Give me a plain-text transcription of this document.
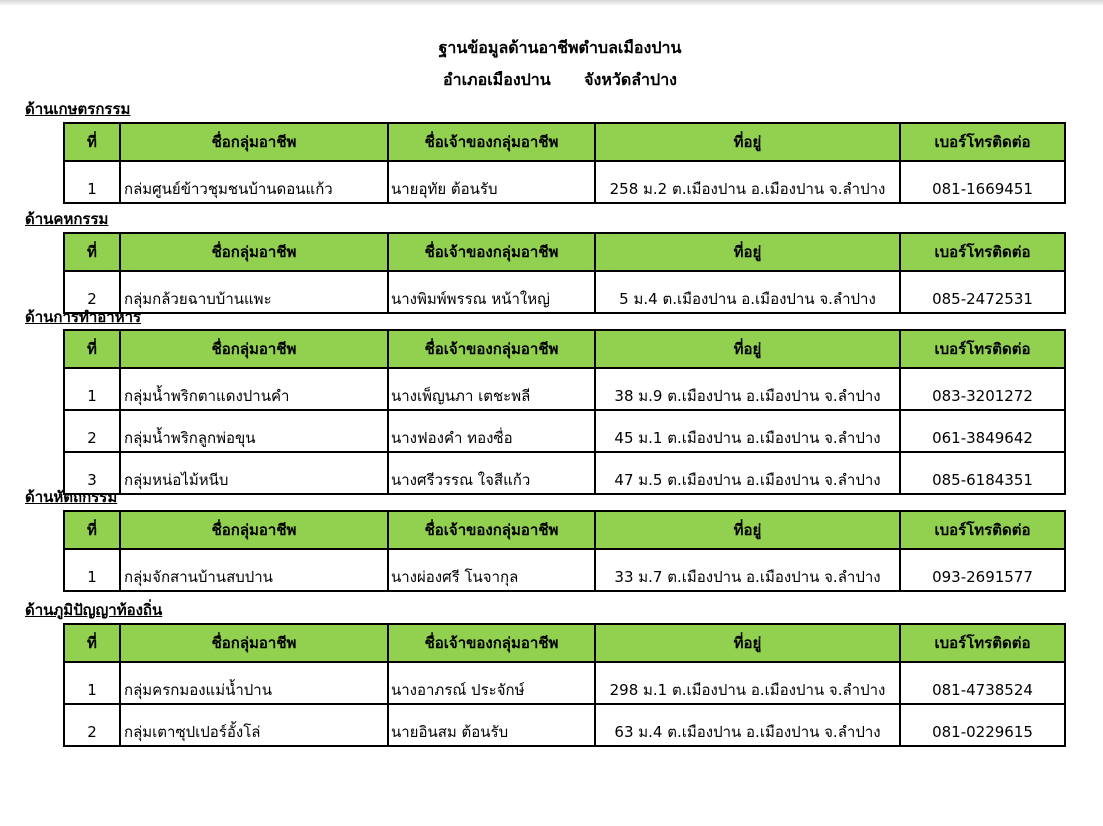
ฐานข้อมูลด้านอาชีพตำบลเมืองปาน
อำเภอเมืองปาน      จังหวัดลำปาง
ด้านเกษตรกรรม
ที่	ชื่อกลุ่มอาชีพ	ชื่อเจ้าของกลุ่มอาชีพ	ที่อยู่	เบอร์โทรติดต่อ
1	กล่มศูนย์ข้าวชุมชนบ้านดอนแก้ว	นายอุทัย ต้อนรับ	258 ม.2 ต.เมืองปาน อ.เมืองปาน จ.ลำปาง	081-1669451
ด้านคหกรรม
ที่	ชื่อกลุ่มอาชีพ	ชื่อเจ้าของกลุ่มอาชีพ	ที่อยู่	เบอร์โทรติดต่อ
2	กลุ่มกล้วยฉาบบ้านแพะ	นางพิมพ์พรรณ หน้าใหญ่	5 ม.4 ต.เมืองปาน อ.เมืองปาน จ.ลำปาง	085-2472531
ด้านการทำอาหาร
ที่	ชื่อกลุ่มอาชีพ	ชื่อเจ้าของกลุ่มอาชีพ	ที่อยู่	เบอร์โทรติดต่อ
1	กลุ่มน้ำพริกตาแดงปานคำ	นางเพ็ญนภา เตชะพลี	38 ม.9 ต.เมืองปาน อ.เมืองปาน จ.ลำปาง	083-3201272
2	กลุ่มน้ำพริกลูกพ่อขุน	นางฟองคำ ทองซื่อ	45 ม.1 ต.เมืองปาน อ.เมืองปาน จ.ลำปาง	061-3849642
3	กลุ่มหน่อไม้หนีบ	นางศรีวรรณ ใจสีแก้ว	47 ม.5 ต.เมืองปาน อ.เมืองปาน จ.ลำปาง	085-6184351
ด้านหัตถกรรม
ที่	ชื่อกลุ่มอาชีพ	ชื่อเจ้าของกลุ่มอาชีพ	ที่อยู่	เบอร์โทรติดต่อ
1	กลุ่มจักสานบ้านสบปาน	นางผ่องศรี โนจากุล	33 ม.7 ต.เมืองปาน อ.เมืองปาน จ.ลำปาง	093-2691577
ด้านภูมิปัญญาท้องถิ่น
ที่	ชื่อกลุ่มอาชีพ	ชื่อเจ้าของกลุ่มอาชีพ	ที่อยู่	เบอร์โทรติดต่อ
1	กลุ่มครกมองแม่น้ำปาน	นางอาภรณ์ ประจักษ์	298 ม.1 ต.เมืองปาน อ.เมืองปาน จ.ลำปาง	081-4738524
2	กลุ่มเตาซุปเปอร์อั้งโล่	นายอินสม ต้อนรับ	63 ม.4 ต.เมืองปาน อ.เมืองปาน จ.ลำปาง	081-0229615
